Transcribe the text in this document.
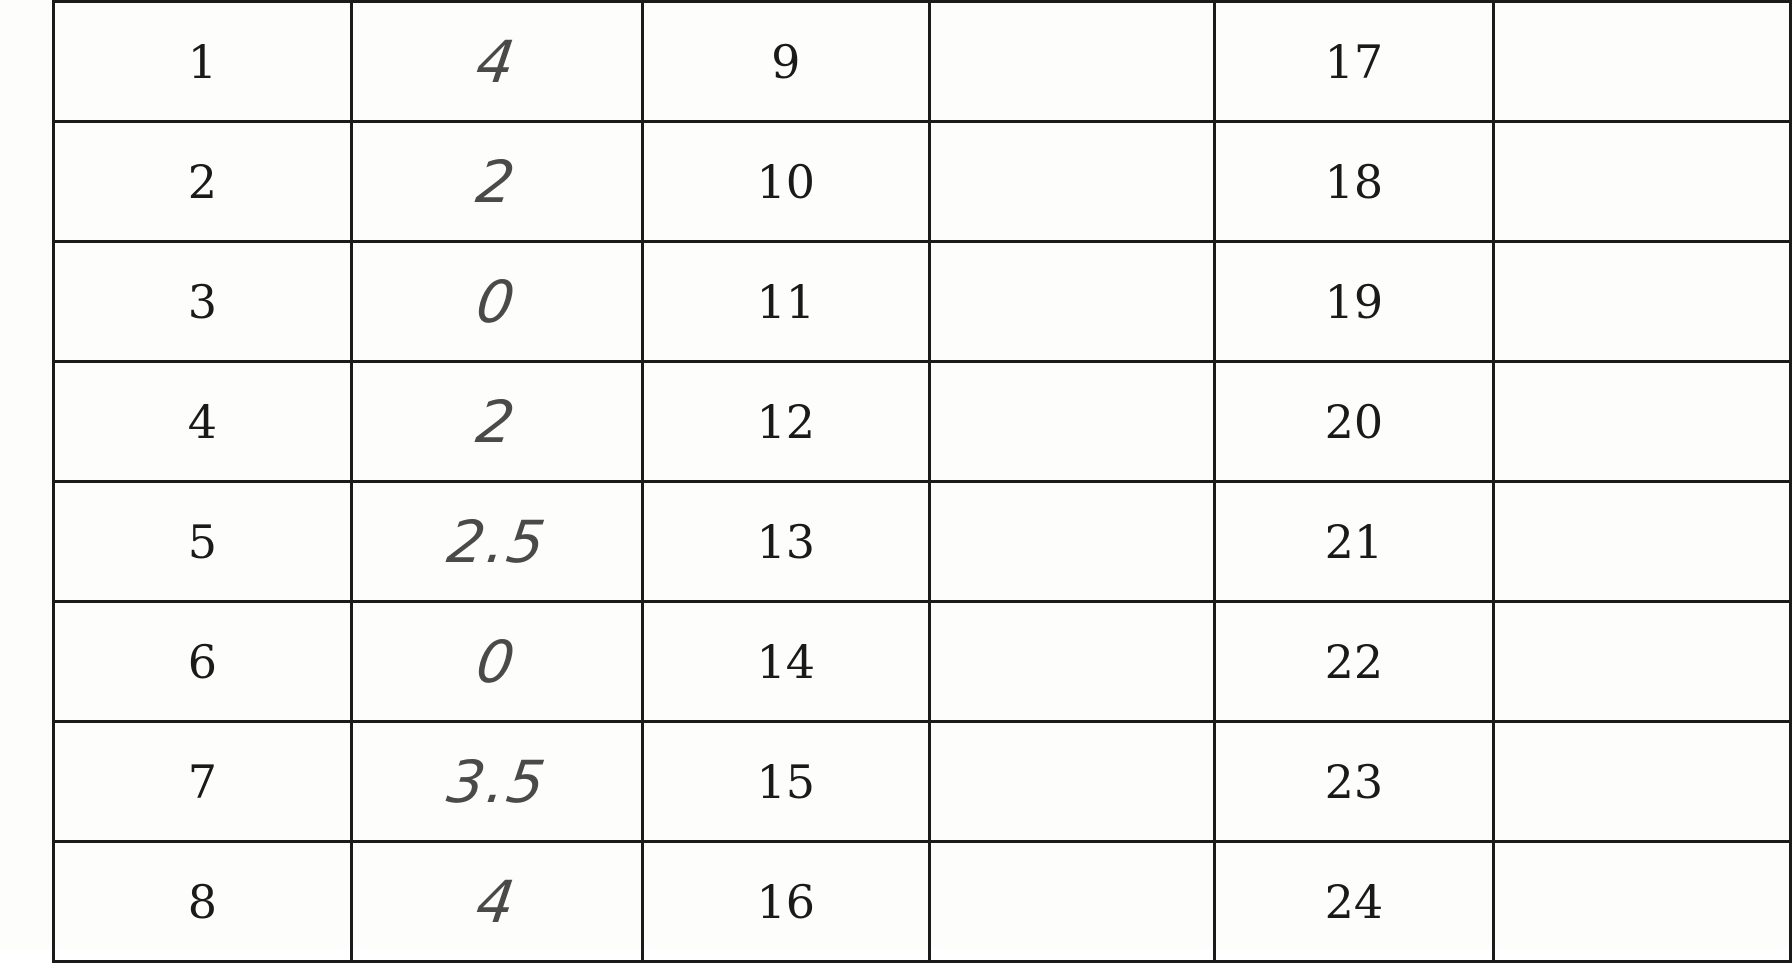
1	4	9		17	
2	2	10		18	
3	0	11		19	
4	2	12		20	
5	2.5	13		21	
6	0	14		22	
7	3.5	15		23	
8	4	16		24	
